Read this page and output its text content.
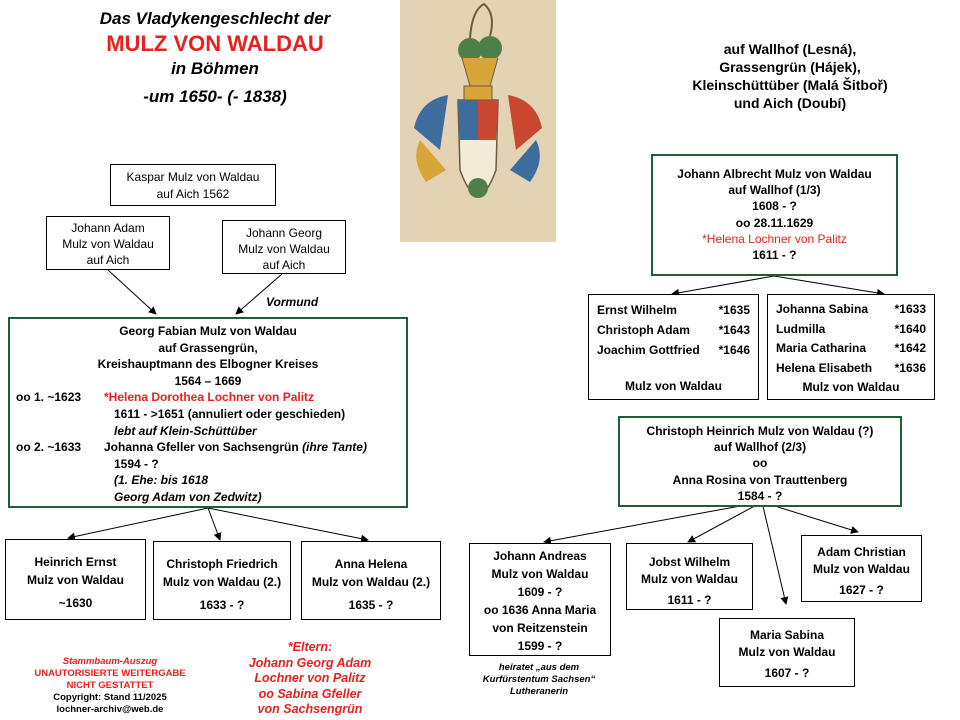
Das Vladykengeschlecht der
MULZ VON WALDAU
in Böhmen
-um 1650- (- 1838)
auf Wallhof (Lesná),
Grassengrün (Hájek),
Kleinschüttüber (Malá Šitboř)
und Aich (Doubí)
Kaspar Mulz von Waldau
auf Aich 1562
Johann Adam
Mulz von Waldau
auf Aich
Johann Georg
Mulz von Waldau
auf Aich
Vormund
Georg Fabian Mulz von Waldau
auf Grassengrün,
Kreishauptmann des Elbogner Kreises
1564 – 1669
oo 1. ~1623 *Helena Dorothea Lochner von Palitz
1611 - >1651 (annuliert oder geschieden)
lebt auf Klein-Schüttüber
oo 2. ~1633 Johanna Gfeller von Sachsengrün (ihre Tante)
1594 - ?
(1. Ehe: bis 1618
Georg Adam von Zedwitz)
Heinrich Ernst
Mulz von Waldau
~1630
Christoph Friedrich
Mulz von Waldau (2.)
1633 - ?
Anna Helena
Mulz von Waldau (2.)
1635 - ?
*Eltern:
Johann Georg Adam
Lochner von Palitz
oo Sabina Gfeller
von Sachsengrün
Stammbaum-Auszug
UNAUTORISIERTE WEITERGABE
NICHT GESTATTET
Copyright: Stand 11/2025
lochner-archiv@web.de
Johann Albrecht Mulz von Waldau
auf Wallhof (1/3)
1608 - ?
oo 28.11.1629
*Helena Lochner von Palitz
1611 - ?
Ernst Wilhelm	*1635
Christoph Adam *1643
Joachim Gottfried *1646
Mulz von Waldau
Johanna Sabina *1633
Ludmilla	*1640
Maria Catharina *1642
Helena Elisabeth *1636
Mulz von Waldau
Christoph Heinrich Mulz von Waldau (?)
auf Wallhof (2/3)
oo
Anna Rosina von Trauttenberg
1584 - ?
Johann Andreas
Mulz von Waldau
1609 - ?
oo 1636 Anna Maria
von Reitzenstein
1599 - ?
Jobst Wilhelm
Mulz von Waldau
1611 - ?
Adam Christian
Mulz von Waldau
1627 - ?
Maria Sabina
Mulz von Waldau
1607 - ?
heiratet „aus dem
Kurfürstentum Sachsen“
Lutheranerin
